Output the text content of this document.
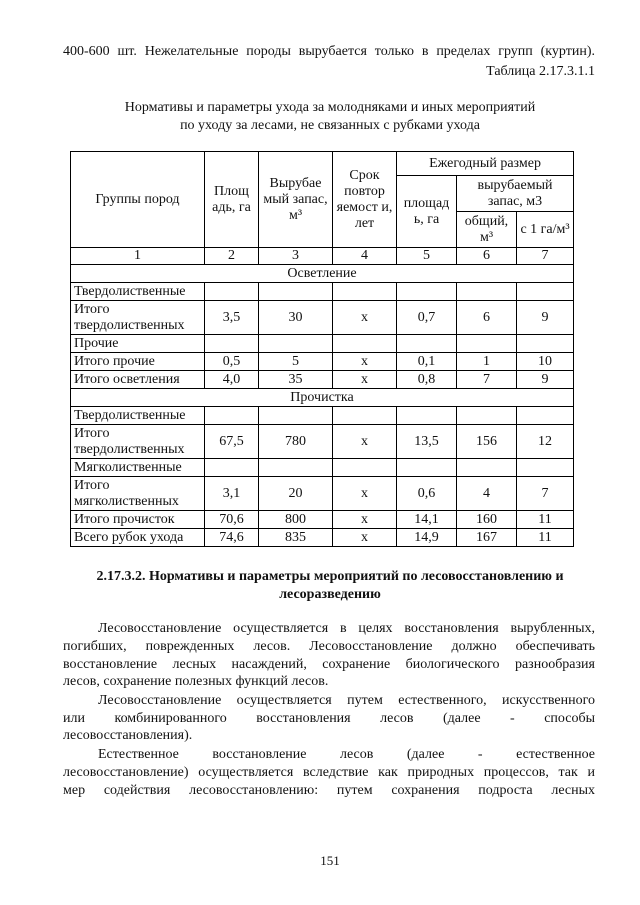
400-600 шт. Нежелательные породы вырубается только в пределах групп (куртин).
Таблица 2.17.3.1.1
Нормативы и параметры ухода за молодняками и иных мероприятий
по уходу за лесами, не связанных с рубками ухода
Группы пород	Площ адь, га	Вырубае мый запас, м³	Срок повтор яемост и, лет	Ежегодный размер		
				площад ь, га	вырубаемый запас, м3	
					общий, м³	с 1 га/м³
1	2	3	4	5	6	7
Осветление						
Твердолиственные						
Итого твердолиственных	3,5	30	х	0,7	6	9
Прочие						
Итого прочие	0,5	5	х	0,1	1	10
Итого осветления	4,0	35	х	0,8	7	9
Прочистка						
Твердолиственные						
Итого твердолиственных	67,5	780	х	13,5	156	12
Мягколиственные						
Итого мягколиственных	3,1	20	х	0,6	4	7
Итого прочисток	70,6	800	х	14,1	160	11
Всего рубок ухода	74,6	835	х	14,9	167	11
2.17.3.2. Нормативы и параметры мероприятий по лесовосстановлению и
лесоразведению
Лесовосстановление осуществляется в целях восстановления вырубленных,
погибших, поврежденных лесов. Лесовосстановление должно обеспечивать
восстановление лесных насаждений, сохранение биологического разнообразия
лесов, сохранение полезных функций лесов.
Лесовосстановление осуществляется путем естественного, искусственного
или комбинированного восстановления лесов (далее - способы
лесовосстановления).
Естественное восстановление лесов (далее - естественное
лесовосстановление) осуществляется вследствие как природных процессов, так и
мер содействия лесовосстановлению: путем сохранения подроста лесных
151
